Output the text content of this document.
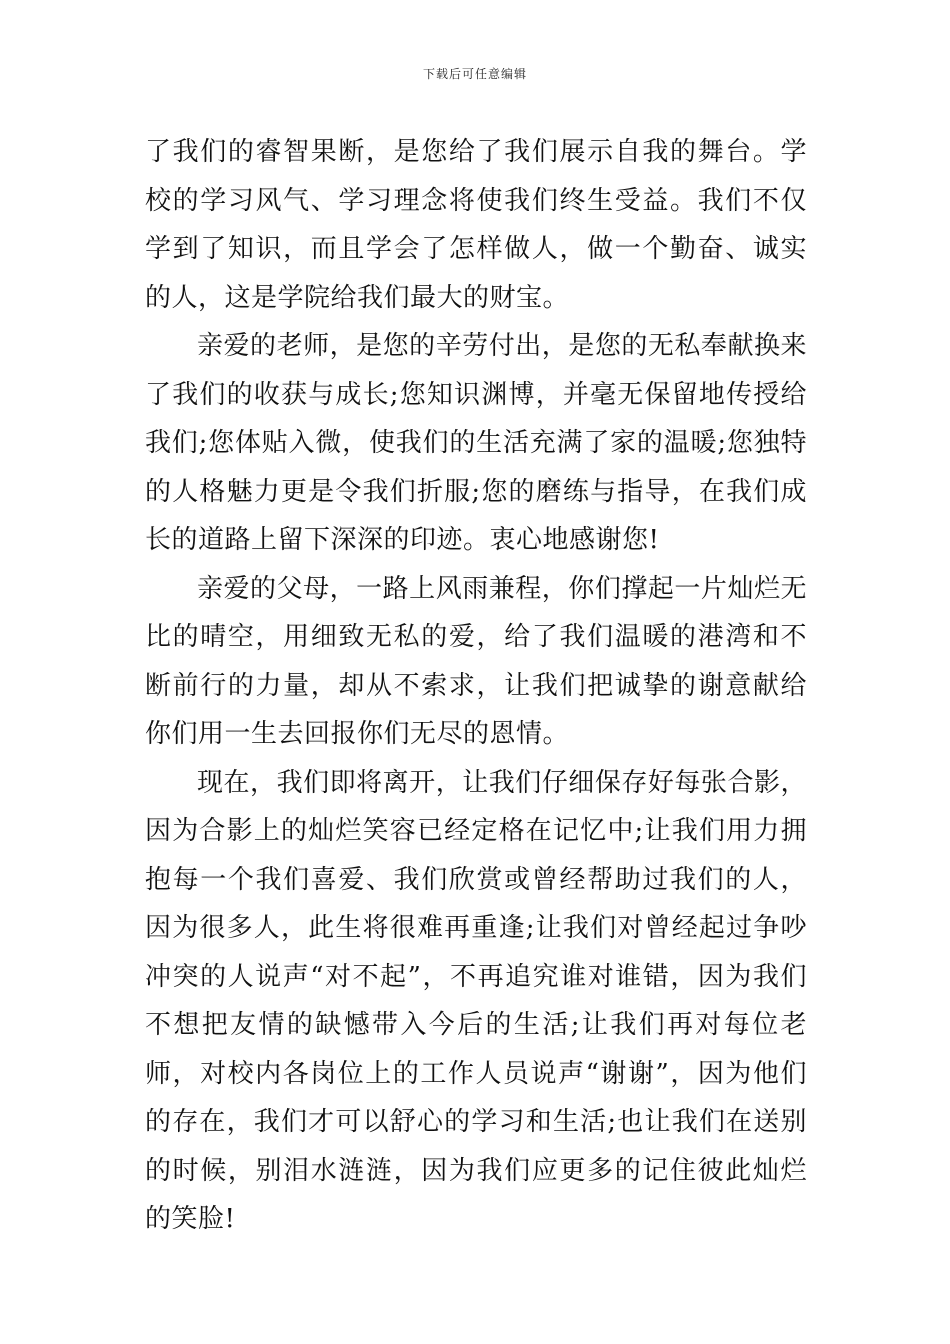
下载后可任意编辑

了我们的睿智果断，是您给了我们展示自我的舞台。学校的学习风气、学习理念将使我们终生受益。我们不仅学到了知识，而且学会了怎样做人，做一个勤奋、诚实的人，这是学院给我们最大的财宝。

亲爱的老师，是您的辛劳付出，是您的无私奉献换来了我们的收获与成长;您知识渊博，并毫无保留地传授给我们;您体贴入微，使我们的生活充满了家的温暖;您独特的人格魅力更是令我们折服;您的磨练与指导，在我们成长的道路上留下深深的印迹。衷心地感谢您!

亲爱的父母，一路上风雨兼程，你们撑起一片灿烂无比的晴空，用细致无私的爱，给了我们温暖的港湾和不断前行的力量，却从不索求，让我们把诚挚的谢意献给你们用一生去回报你们无尽的恩情。

现在，我们即将离开，让我们仔细保存好每张合影，因为合影上的灿烂笑容已经定格在记忆中;让我们用力拥抱每一个我们喜爱、我们欣赏或曾经帮助过我们的人，因为很多人，此生将很难再重逢;让我们对曾经起过争吵冲突的人说声“对不起”，不再追究谁对谁错，因为我们不想把友情的缺憾带入今后的生活;让我们再对每位老师，对校内各岗位上的工作人员说声“谢谢”，因为他们的存在，我们才可以舒心的学习和生活;也让我们在送别的时候，别泪水涟涟，因为我们应更多的记住彼此灿烂的笑脸!
